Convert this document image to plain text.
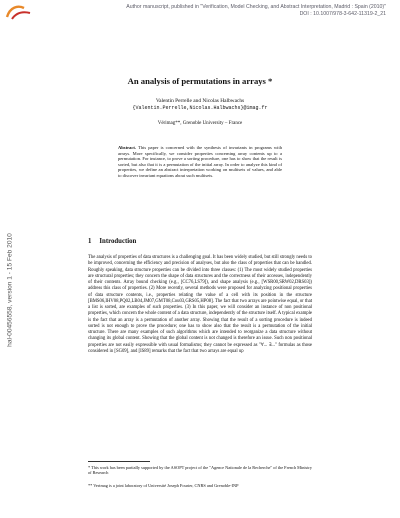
Author manuscript, published in "Verification, Model Checking, and Abstract Interpretation, Madrid : Spain (2010)"
DOI : 10.1007/978-3-642-11319-2_21
hal-00456558, version 1 - 15 Feb 2010
An analysis of permutations in arrays *
Valentin Perrelle and Nicolas Halbwachs
{Valentin.Perrelle,Nicolas.Halbwachs}@imag.fr
Vérimag**, Grenoble University – France
Abstract. This paper is concerned with the synthesis of invariants in programs with arrays. More specifically, we consider properties concerning array contents up to a permutation. For instance, to prove a sorting procedure, one has to show that the result is sorted, but also that it is a permutation of the initial array. In order to analyze this kind of properties, we define an abstract interpretation working on multisets of values, and able to discover invariant equations about such multisets.
1 Introduction

The analysis of properties of data structures is a challenging goal. It has been widely studied, but still strongly needs to be improved, concerning the efficiency and precision of analyses, but also the class of properties that can be handled. Roughly speaking, data structure properties can be divided into three classes: (1) The most widely studied properties are structural properties; they concern the shape of data structures and the correctness of their accesses, independently of their contents. Array bound checking (e.g., [CC76,LS79]), and shape analysis (e.g., [WSR00,SRW02,DRS03]) address this class of properties. (2) More recently, several methods were proposed for analyzing positional properties of data structure contents, i.e., properties relating the value of a cell with its position in the structure [BMS06,IHV08,PQ02,LB04,JM07,GMT08,Cou03,GRS05,HP08]. The fact that two arrays are pointwise equal, or that a list is sorted, are examples of such properties. (3) In this paper, we will consider an instance of non positional properties, which concern the whole content of a data structure, independently of the structure itself. A typical example is the fact that an array is a permutation of another array. Showing that the result of a sorting procedure is indeed sorted is not enough to prove the procedure; one has to show also that the result is a permutation of the initial structure. There are many examples of such algorithms which are intended to reorganize a data structure without changing its global content. Showing that the global content is not changed is therefore an issue. Such non positional properties are not easily expressible with usual formalisms; they cannot be expressed as "∀... ∃..." formulas as those considered in [SG09], and [IS89] remarks that the fact that two arrays are equal up

* This work has been partially supported by the ASOPT project of the "Agence Nationale de la Recherche" of the French Ministry of Research
** Verimag is a joint laboratory of Université Joseph Fourier, CNRS and Grenoble-INP
